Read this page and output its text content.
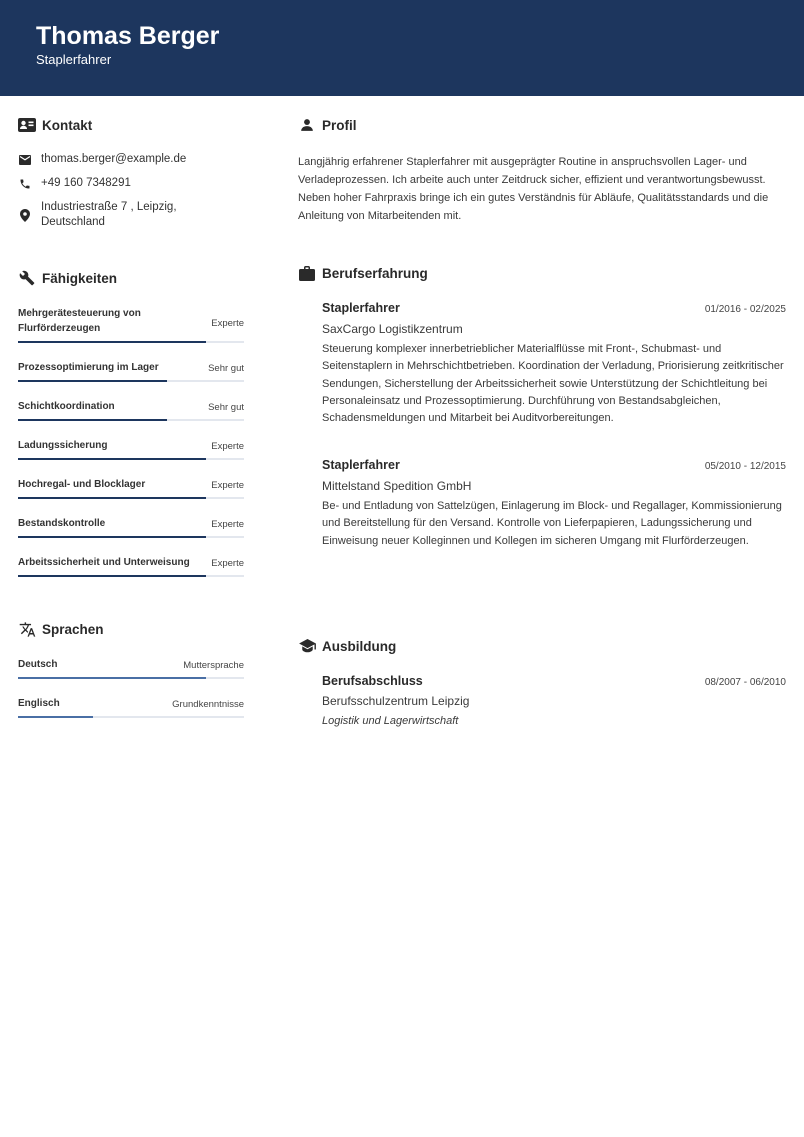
Thomas Berger
Staplerfahrer
Kontakt
thomas.berger@example.de
+49 160 7348291
Industriestraße 7 , Leipzig, Deutschland
Fähigkeiten
Mehrgerätesteuerung von Flurförderzeugen	Experte
Prozessoptimierung im Lager	Sehr gut
Schichtkoordination	Sehr gut
Ladungssicherung	Experte
Hochregal- und Blocklager	Experte
Bestandskontrolle	Experte
Arbeitssicherheit und Unterweisung Experte
Sprachen
Deutsch	Muttersprache
Englisch	Grundkenntnisse
Profil
Langjährig erfahrener Staplerfahrer mit ausgeprägter Routine in anspruchsvollen Lager- und Verladeprozessen. Ich arbeite auch unter Zeitdruck sicher, effizient und verantwortungsbewusst. Neben hoher Fahrpraxis bringe ich ein gutes Verständnis für Abläufe, Qualitätsstandards und die Anleitung von Mitarbeitenden mit.
Berufserfahrung
Staplerfahrer	01/2016 - 02/2025
SaxCargo Logistikzentrum
Steuerung komplexer innerbetrieblicher Materialflüsse mit Front-, Schubmast- und Seitenstaplern in Mehrschichtbetrieben. Koordination der Verladung, Priorisierung zeitkritischer Sendungen, Sicherstellung der Arbeitssicherheit sowie Unterstützung der Schichtleitung bei Personaleinsatz und Prozessoptimierung. Durchführung von Bestandsabgleichen, Schadensmeldungen und Mitarbeit bei Auditvorbereitungen.
Staplerfahrer	05/2010 - 12/2015
Mittelstand Spedition GmbH
Be- und Entladung von Sattelzügen, Einlagerung im Block- und Regallager, Kommissionierung und Bereitstellung für den Versand. Kontrolle von Lieferpapieren, Ladungssicherung und Einweisung neuer Kolleginnen und Kollegen im sicheren Umgang mit Flurförderzeugen.
Ausbildung
Berufsabschluss	08/2007 - 06/2010
Berufsschulzentrum Leipzig
Logistik und Lagerwirtschaft
